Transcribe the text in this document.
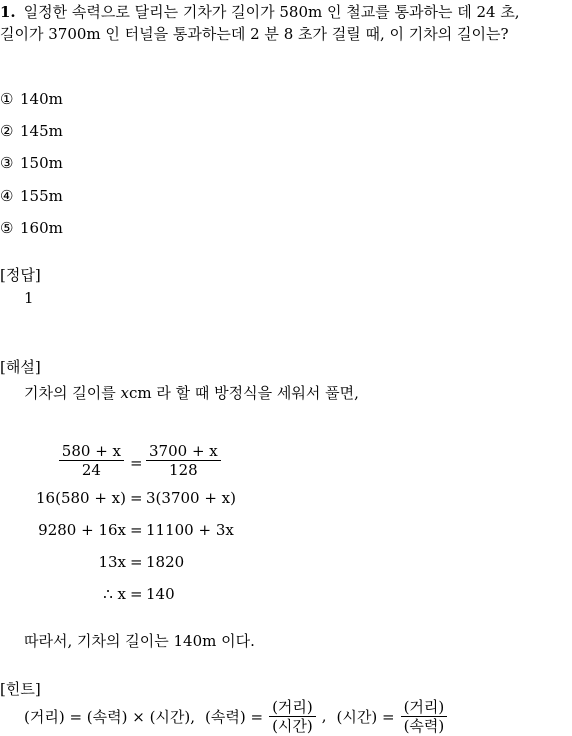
1. 일정한 속력으로 달리는 기차가 길이가 580m 인 철교를 통과하는 데 24 초,
길이가 3700m 인 터널을 통과하는데 2 분 8 초가 걸릴 때, 이 기차의 길이는?
① 140m
② 145m
③ 150m
④ 155m
⑤ 160m
[정답]
1
[해설]
기차의 길이를 xcm 라 할 때 방정식을 세워서 풀면,
$\frac{580 + x}{24} = \frac{3700 + x}{128}$
16(580 + x) = 3(3700 + x)
9280 + 16x = 11100 + 3x
13x = 1820
∴ x = 140
따라서, 기차의 길이는 140m 이다.
[힌트]
(거리) = (속력) × (시간), (속력) = $\frac{\text{(거리)}}{\text{(시간)}}$ , (시간) = $\frac{\text{(거리)}}{\text{(속력)}}$
